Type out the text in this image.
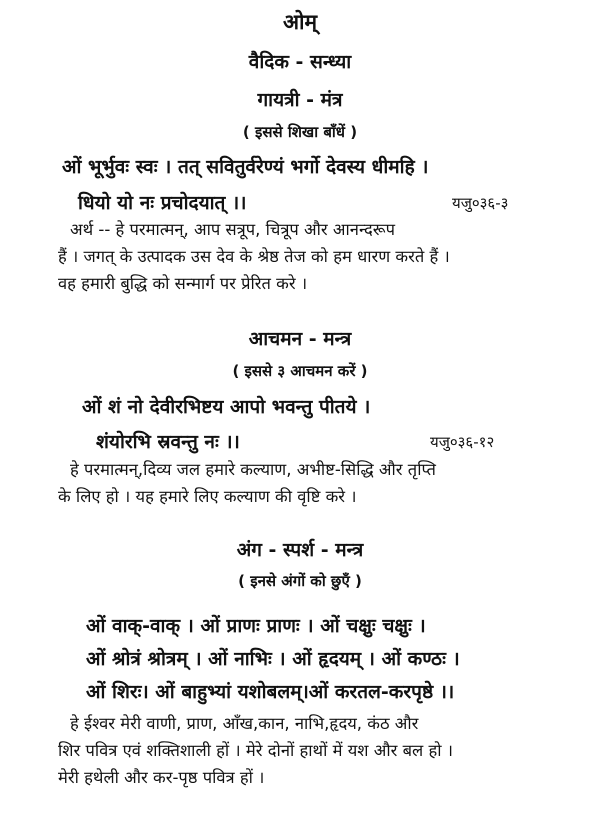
ओम्
वैदिक - सन्ध्या
गायत्री - मंत्र
( इससे शिखा बाँधें )
ओं भूर्भुवः स्वः । तत् सवितुर्वरेण्यं भर्गो देवस्य धीमहि ।
धियो यो नः प्रचोदयात् ।।	यजु०३६-३

अर्थ -- हे परमात्मन्, आप सत्रूप, चित्रूप और आनन्दरूप

हैं । जगत् के उत्पादक उस देव के श्रेष्ठ तेज को हम धारण करते हैं ।

वह हमारी बुद्धि को सन्मार्ग पर प्रेरित करे ।

आचमन - मन्त्र
( इससे ३ आचमन करें )
ओं शं नो देवीरभिष्टय आपो भवन्तु पीतये ।
शंयोरभि स्रवन्तु नः ।।	यजु०३६-१२

हे परमात्मन्,दिव्य जल हमारे कल्याण, अभीष्ट-सिद्धि और तृप्ति

के लिए हो । यह हमारे लिए कल्याण की वृष्टि करे ।

अंग - स्पर्श - मन्त्र
( इनसे अंगों को छुएँ )
ओं वाक्-वाक् । ओं प्राणः प्राणः । ओं चक्षुः चक्षुः ।
ओं श्रोत्रं श्रोत्रम् । ओं नाभिः । ओं हृदयम् । ओं कण्ठः ।
ओं शिरः। ओं बाहुभ्यां यशोबलम्।ओं करतल-करपृष्ठे ।।

हे ईश्वर मेरी वाणी, प्राण, आँख,कान, नाभि,हृदय, कंठ और

शिर पवित्र एवं शक्तिशाली हों । मेरे दोनों हाथों में यश और बल हो ।

मेरी हथेली और कर-पृष्ठ पवित्र हों ।
